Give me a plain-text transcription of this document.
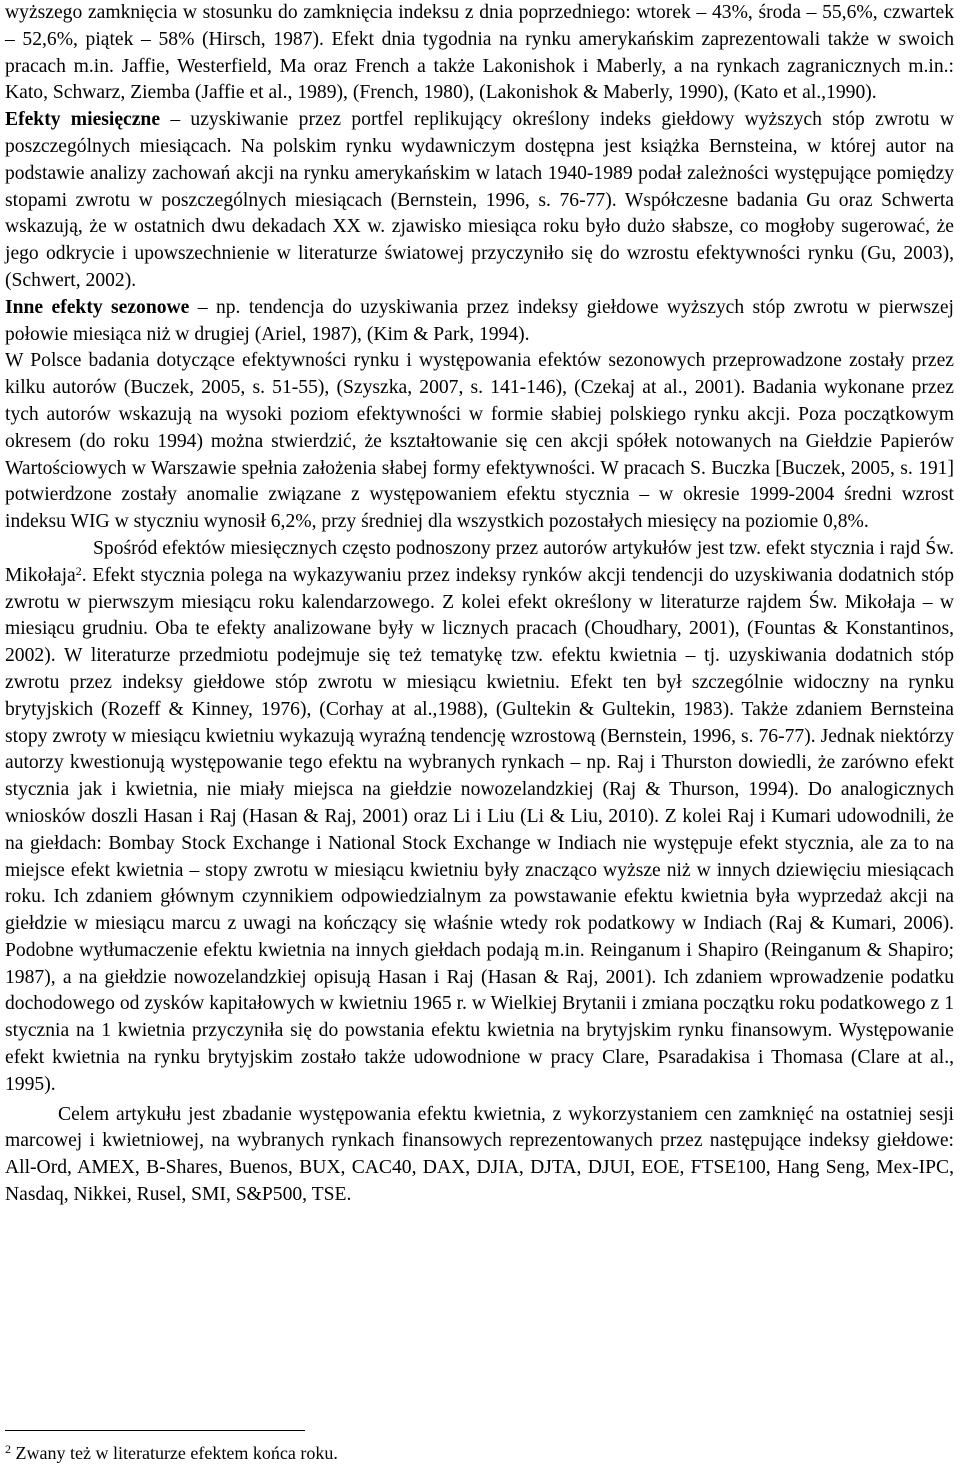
wyższego zamknięcia w stosunku do zamknięcia indeksu z dnia poprzedniego: wtorek – 43%, środa – 55,6%, czwartek – 52,6%, piątek – 58% (Hirsch, 1987). Efekt dnia tygodnia na rynku amerykańskim zaprezentowali także w swoich pracach m.in. Jaffie, Westerfield, Ma oraz French a także Lakonishok i Maberly, a na rynkach zagranicznych m.in.: Kato, Schwarz, Ziemba (Jaffie et al., 1989), (French, 1980), (Lakonishok & Maberly, 1990), (Kato et al.,1990).

Efekty miesięczne – uzyskiwanie przez portfel replikujący określony indeks giełdowy wyższych stóp zwrotu w poszczególnych miesiącach. Na polskim rynku wydawniczym dostępna jest książka Bernsteina, w której autor na podstawie analizy zachowań akcji na rynku amerykańskim w latach 1940-1989 podał zależności występujące pomiędzy stopami zwrotu w poszczególnych miesiącach (Bernstein, 1996, s. 76-77). Współczesne badania Gu oraz Schwerta wskazują, że w ostatnich dwu dekadach XX w. zjawisko miesiąca roku było dużo słabsze, co mogłoby sugerować, że jego odkrycie i upowszechnienie w literaturze światowej przyczyniło się do wzrostu efektywności rynku (Gu, 2003), (Schwert, 2002).

Inne efekty sezonowe – np. tendencja do uzyskiwania przez indeksy giełdowe wyższych stóp zwrotu w pierwszej połowie miesiąca niż w drugiej (Ariel, 1987), (Kim & Park, 1994).

W Polsce badania dotyczące efektywności rynku i występowania efektów sezonowych przeprowadzone zostały przez kilku autorów (Buczek, 2005, s. 51-55), (Szyszka, 2007, s. 141-146), (Czekaj at al., 2001). Badania wykonane przez tych autorów wskazują na wysoki poziom efektywności w formie słabiej polskiego rynku akcji. Poza początkowym okresem (do roku 1994) można stwierdzić, że kształtowanie się cen akcji spółek notowanych na Giełdzie Papierów Wartościowych w Warszawie spełnia założenia słabej formy efektywności. W pracach S. Buczka [Buczek, 2005, s. 191] potwierdzone zostały anomalie związane z występowaniem efektu stycznia – w okresie 1999-2004 średni wzrost indeksu WIG w styczniu wynosił 6,2%, przy średniej dla wszystkich pozostałych miesięcy na poziomie 0,8%.

Spośród efektów miesięcznych często podnoszony przez autorów artykułów jest tzw. efekt stycznia i rajd Św. Mikołaja$^2$. Efekt stycznia polega na wykazywaniu przez indeksy rynków akcji tendencji do uzyskiwania dodatnich stóp zwrotu w pierwszym miesiącu roku kalendarzowego. Z kolei efekt określony w literaturze rajdem Św. Mikołaja – w miesiącu grudniu. Oba te efekty analizowane były w licznych pracach (Choudhary, 2001), (Fountas & Konstantinos, 2002). W literaturze przedmiotu podejmuje się też tematykę tzw. efektu kwietnia – tj. uzyskiwania dodatnich stóp zwrotu przez indeksy giełdowe stóp zwrotu w miesiącu kwietniu. Efekt ten był szczególnie widoczny na rynku brytyjskich (Rozeff & Kinney, 1976), (Corhay at al.,1988), (Gultekin & Gultekin, 1983). Także zdaniem Bernsteina stopy zwroty w miesiącu kwietniu wykazują wyraźną tendencję wzrostową (Bernstein, 1996, s. 76-77). Jednak niektórzy autorzy kwestionują występowanie tego efektu na wybranych rynkach – np. Raj i Thurston dowiedli, że zarówno efekt stycznia jak i kwietnia, nie miały miejsca na giełdzie nowozelandzkiej (Raj & Thurson, 1994). Do analogicznych wniosków doszli Hasan i Raj (Hasan & Raj, 2001) oraz Li i Liu (Li & Liu, 2010). Z kolei Raj i Kumari udowodnili, że na giełdach: Bombay Stock Exchange i National Stock Exchange w Indiach nie występuje efekt stycznia, ale za to na miejsce efekt kwietnia – stopy zwrotu w miesiącu kwietniu były znacząco wyższe niż w innych dziewięciu miesiącach roku. Ich zdaniem głównym czynnikiem odpowiedzialnym za powstawanie efektu kwietnia była wyprzedaż akcji na giełdzie w miesiącu marcu z uwagi na kończący się właśnie wtedy rok podatkowy w Indiach (Raj & Kumari, 2006). Podobne wytłumaczenie efektu kwietnia na innych giełdach podają m.in. Reinganum i Shapiro (Reinganum & Shapiro; 1987), a na giełdzie nowozelandzkiej opisują Hasan i Raj (Hasan & Raj, 2001). Ich zdaniem wprowadzenie podatku dochodowego od zysków kapitałowych w kwietniu 1965 r. w Wielkiej Brytanii i zmiana początku roku podatkowego z 1 stycznia na 1 kwietnia przyczyniła się do powstania efektu kwietnia na brytyjskim rynku finansowym. Występowanie efekt kwietnia na rynku brytyjskim zostało także udowodnione w pracy Clare, Psaradakisa i Thomasa (Clare at al., 1995).

Celem artykułu jest zbadanie występowania efektu kwietnia, z wykorzystaniem cen zamknięć na ostatniej sesji marcowej i kwietniowej, na wybranych rynkach finansowych reprezentowanych przez następujące indeksy giełdowe: All-Ord, AMEX, B-Shares, Buenos, BUX, CAC40, DAX, DJIA, DJTA, DJUI, EOE, FTSE100, Hang Seng, Mex-IPC, Nasdaq, Nikkei, Rusel, SMI, S&P500, TSE.

$^2$ Zwany też w literaturze efektem końca roku.
